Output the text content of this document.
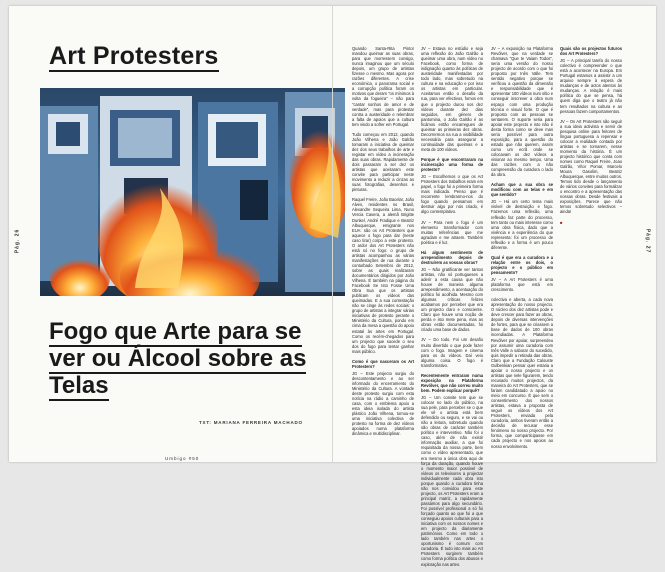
Pág. 26	Pág. 27
Art Protesters
Fogo que Arte para se ver ou Álcool sobre as Telas
TXT: MARIANA FERREIRA MACHADO
Umbigo #50

Quando Santa-Rita Pintor mandou queimar as suas obras, para que morressem consigo, nunca imaginou que um século depois, um grupo de artistas fizesse o mesmo. Mas agora por razões diferentes. A crise económica, o panorama social e a corrupção política foram os motivos que deram "os mínimos à volta da fogueira" – não para "cantar sonhos de amor e de verdade", mas para protestar contra a austeridade e relembrar a falta de apoios que a cultura tem vindo a sofrer em Portugal.

Tudo começou em 2012, quando João Vilhena e João Galrão tomaram a iniciativa de queimar dez dos seus trabalhos de arte e registar em vídeo a incineração das suas obras. Rapidamente de dois passaram a ser dez os artistas que aceitaram este convite para participar neste movimento a reduzir a cinzas as suas fotografias, desenhos e pinturas.

Raquel Freire, João Bacelar, João Alves, residentes no Brasil, Alexandre Sequeira Lima, Nuno Vercia Cavera, a alemã Brigitte Dunkel, André Fradique e Beatriz Albuquerque, emigrante nos EUA: são os Art Protesters que aquece o fogo para dar (neste caso tirar) corpo a este protesto. O ardor dos Art Protesters não está só no fogo: o grupo de artistas acompanhou as várias manifestações de rua durante o conturbado Setembro de 2012, sobre as quais realizaram documentários dirigidos por João Vilhena. É também na página do Facebook Se Isto Fosse Uma Obra Sua que os artistas publicam os vídeos das queimadas. E a sua contestação não se cinge às redes sociais: o grupo de artistas a integrar várias iniciativas de protesto perante o Ministério da Cultura, pondo em cima da mesa a questão do apoio estatal às artes em Portugal. Como os recém-chegados para um projecto que sucede o seu dos do fogo para tentar ganhar mais público.

Como é que nasceram os Art Protesters?

JG – Este projecto surgiu do descontentamento e ao ser informado do encerramento do Ministério da Cultura. A vontade deste protesto surgiu com esta notícia na rádio a caminho de casa, com o emblema apoio a esta ideia isolada do artista plástico João Vilhena, tornou-se uma iniciativa colectiva de protesto na forma de dez vídeos apoiados numa plataforma dinâmica e multidisciplinar.

JV – Estava no estúdio e seja uma reflexão do João Galrão a queimar uma obra, num vídeo no Facebook, como forma de indignação quanto às políticas de austeridade manifestadas por todo lado, mas sobretudo na cultura e na educação e por isso os artistas em particular. Aceitamos então o desafio da rua, para ver efectivos, fomos em que o projecto durou nos dez vídeos durante dez dias seguidos, em género de pantomina, o João Galrão é as ficámos então encarregues de queimar as primeiras dez obras. Decorrermos na rua a visibilidade necessária para assegurar a continuidade das queimas e a meta de 100 vídeos.

Porque é que encontraram na incineração uma forma de protesto?

JG – Escolhemos o que os Art Protesters dos trabalhos eram em papel, o fogo foi a primeira forma mais indicada. Penso que é recorrente lembrarmo-nos do fogo quando pensamos em destruir algo por nós criado, é algo contemplativo.

JV – Para nem o fogo é um elemento transformador com muitas referências que me agradam e me atraem. Também poética e é luz.

Há algum sentimento de arrependimento depois de destruírem as vossas obras?

JG – Não gratificante ver tantos artistas, não só portugueses a aderir a esta causa que não houve de maneira alguma arrependimento, a acentuação do político foi acolhida. Mesmo com algumas críticas felizes acabamos por perceber que era um projecto claro e consciente. Claro que houve uma noção de perda e isto mete pena, mas as obras estão documentadas, foi criado uma base de dados.

JV – Do todo. Foi um desafio muito divertido o que pode fazer com o fogo. Imagem e cinema para os do vídeos. Daí veio alguma coisa. O fogo é transformativo.

Recentemente entraram numa exposição na Plataforma Revólver, que não correu muito bem. Podem explicar porquê?

JG – Um convite tem que se colocar no lado do público, na sua pele, para perceber se o que ele vê o artista está bem defendido ou seguro, e se vai ou não a leitura, sobretudo quando são obras de carácter também político e interventivo. Não foi o caso, além de não existir informação auxiliar, a que foi requisitada da nossa parte, bem como o vídeo apresentado, que era mesmo a única obra aqui de força da duração, quando houve o momento maior possível de vídeos os televisores a projectar individualmente cada obra isto porque quando a curadora tinha não nos convidou para este projecto, os Art Protesters eram a principal matriz, a rapidamente passámos para algo secundário. Foi possível profissional a só foi forçado quanto ao que foi a que conseguiu apoios culturais para a iniciativa com os nossos nomes e em projecto da diariamente patrimónios. Como em todo o lado também nas artes o oportunismo é comum com curadoria. É tudo isto mais ao Art Protesters surgirem também como forma política dos abusos e exploração nas artes.

JV – A exposição na Plataforma Revólver, que na verdade se chamava "Que te Vaiam Todos", seria uma versão do nosso projecto de acordo com o que foi proposto por Inês Valle. Tem sentido negativo porque se verificou a questão da dimensão e responsabilidade que é apresentar 100 vídeos num sítio e conseguir inscrever a obra num espaço com uma produção técnica e visual forte. O que é proposto com as pessoas se sentarem. O suporte seria para apoiar este projecto e isto não é desta forma como se deve mas seria possível para outra exposição, para a questão do estado que não querem, assim como um ecrã onde se colocavam os dez vídeos a visionar ao mesmo tempo. Uma das razões com a não compreensão da curadora o lado da obra.

Acham que a sua obra se modificou com as telas e em que sentido?

JG – Há um certo tema mais visível de destruição e fogo. Fazemos uma reflexão, uma reflexão faz parte do processo, tem tanto ou mais interesse como uma obra física, dado que a vivência e a experiência do que representa: foi um processo de reflexão e a forma é um pouco diferente.

Qual é que era a curadora e a relação entre os dois, o projecto e o público em pensamento?

JV – A Art Protesters é uma plataforma que está em crescimento.

colectiva e aberta, a cada nova apresentação do nosso projecto. O núcleo dos dez artistas pode e deve crescer para fazer as obras, depois de diversas intervenções de fortes, para que se criassem a base de dados de 100 obras incendiadas. A Plataforma Revólver por apoiar, surpreendeu por assumir uma curadoria com Inês Valle a saborar do sucedido, quis impedir a retirada das obras. Claro que a Fundação Calouste Gulbenkian pensar quer estaria a apoiar o nosso projecto e os artistas que nele figurarem, tendo recusado muitos projectos, da maneira do Art Protesters, que se fariam candidatado a apoio no meio em concurso. É que sem o consentimento dos nossos artistas, estava a proposta de seguir os vídeos dos Art Protesters, enviada pela curadoria, ambos tiveram então a decisão de recusar esse fenómeno no nosso projecto. Por forma, que comparticipasse em cada projecto e nos apoios ao nosso envolvimento.

Quais são os projectos futuros dos Art Protesters?

JG – A principal tarefa do nosso colectivo é compreender o que está a acontecer na Europa. Em Portugal estamos a assistir a um arquivo sempre à espera de mudanças e de actos atentos às mudanças. A relação é mais política do que se pensa, há quem diga que o teatro já não tem resultados na cultura e as pessoas fazem comportamentos.

JV – Os Art Protesters são seguir a sua ideia activista e servir de pesquisa online para feitores de língua portuguesa a repensar e colocar a realidade contada por artistas e se tornarem, nesse momento da história. É um projecto histórico que conta com nomes como Raquel Freire, Joao Galrão, Vítor Pomar, Marcelo Moura Gasolim, Beatriz Albuquerque, entre muitos outros. Temos tido desde o lançamento de vários convites para formalizar o encontro e a apresentação das nossas obras. Desde festivais a exposições. Parece que não temos sobretudo selectivos – ainda!

■
